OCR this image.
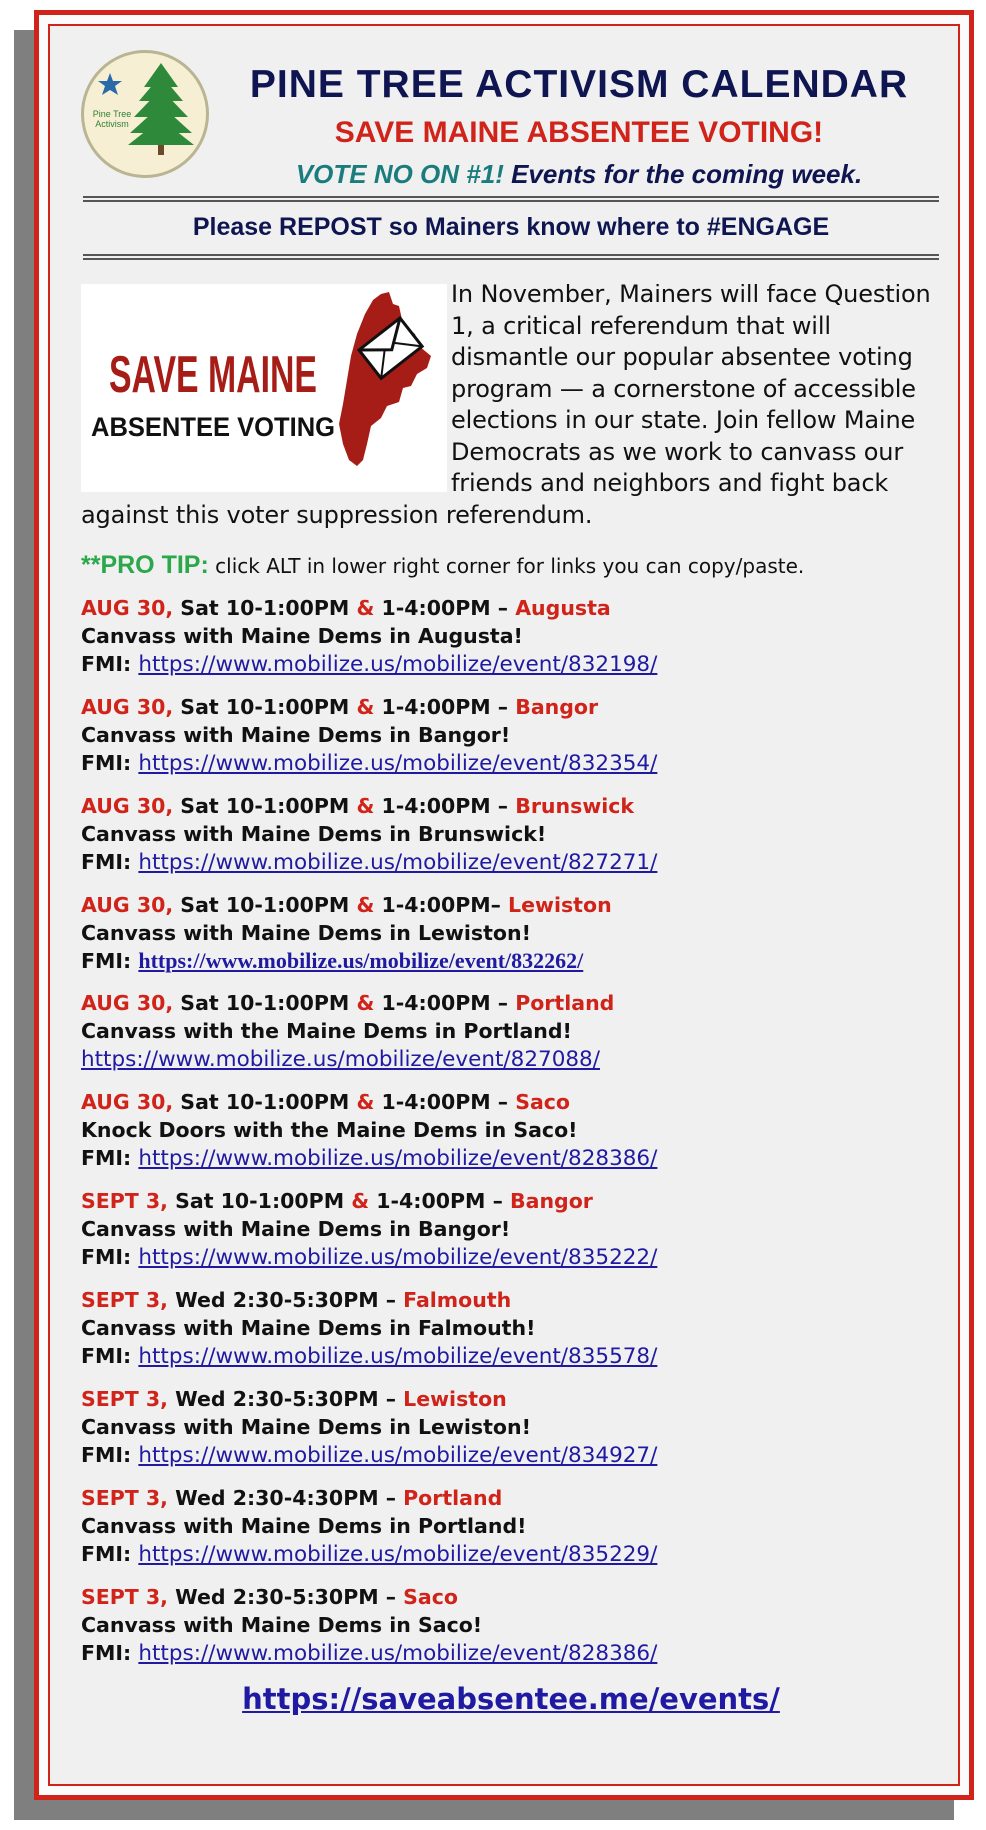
Pine Tree Activism
PINE TREE ACTIVISM CALENDAR
SAVE MAINE ABSENTEE VOTING!
VOTE NO ON #1! Events for the coming week.
Please REPOST so Mainers know where to #ENGAGE
SAVE MAINE
ABSENTEE VOTING

In November, Mainers will face Question 1, a critical referendum that will dismantle our popular absentee voting program — a cornerstone of accessible elections in our state. Join fellow Maine Democrats as we work to canvass our friends and neighbors and fight back against this voter suppression referendum.

**PRO TIP: click ALT in lower right corner for links you can copy/paste.
AUG 30, Sat 10-1:00PM & 1-4:00PM – Augusta
Canvass with Maine Dems in Augusta!
FMI: https://www.mobilize.us/mobilize/event/832198/
AUG 30, Sat 10-1:00PM & 1-4:00PM – Bangor
Canvass with Maine Dems in Bangor!
FMI: https://www.mobilize.us/mobilize/event/832354/
AUG 30, Sat 10-1:00PM & 1-4:00PM – Brunswick
Canvass with Maine Dems in Brunswick!
FMI: https://www.mobilize.us/mobilize/event/827271/
AUG 30, Sat 10-1:00PM & 1-4:00PM– Lewiston
Canvass with Maine Dems in Lewiston!
FMI: https://www.mobilize.us/mobilize/event/832262/
AUG 30, Sat 10-1:00PM & 1-4:00PM – Portland
Canvass with the Maine Dems in Portland!
https://www.mobilize.us/mobilize/event/827088/
AUG 30, Sat 10-1:00PM & 1-4:00PM – Saco
Knock Doors with the Maine Dems in Saco!
FMI: https://www.mobilize.us/mobilize/event/828386/
SEPT 3, Sat 10-1:00PM & 1-4:00PM – Bangor
Canvass with Maine Dems in Bangor!
FMI: https://www.mobilize.us/mobilize/event/835222/
SEPT 3, Wed 2:30-5:30PM – Falmouth
Canvass with Maine Dems in Falmouth!
FMI: https://www.mobilize.us/mobilize/event/835578/
SEPT 3, Wed 2:30-5:30PM – Lewiston
Canvass with Maine Dems in Lewiston!
FMI: https://www.mobilize.us/mobilize/event/834927/
SEPT 3, Wed 2:30-4:30PM – Portland
Canvass with Maine Dems in Portland!
FMI: https://www.mobilize.us/mobilize/event/835229/
SEPT 3, Wed 2:30-5:30PM – Saco
Canvass with Maine Dems in Saco!
FMI: https://www.mobilize.us/mobilize/event/828386/
https://saveabsentee.me/events/
